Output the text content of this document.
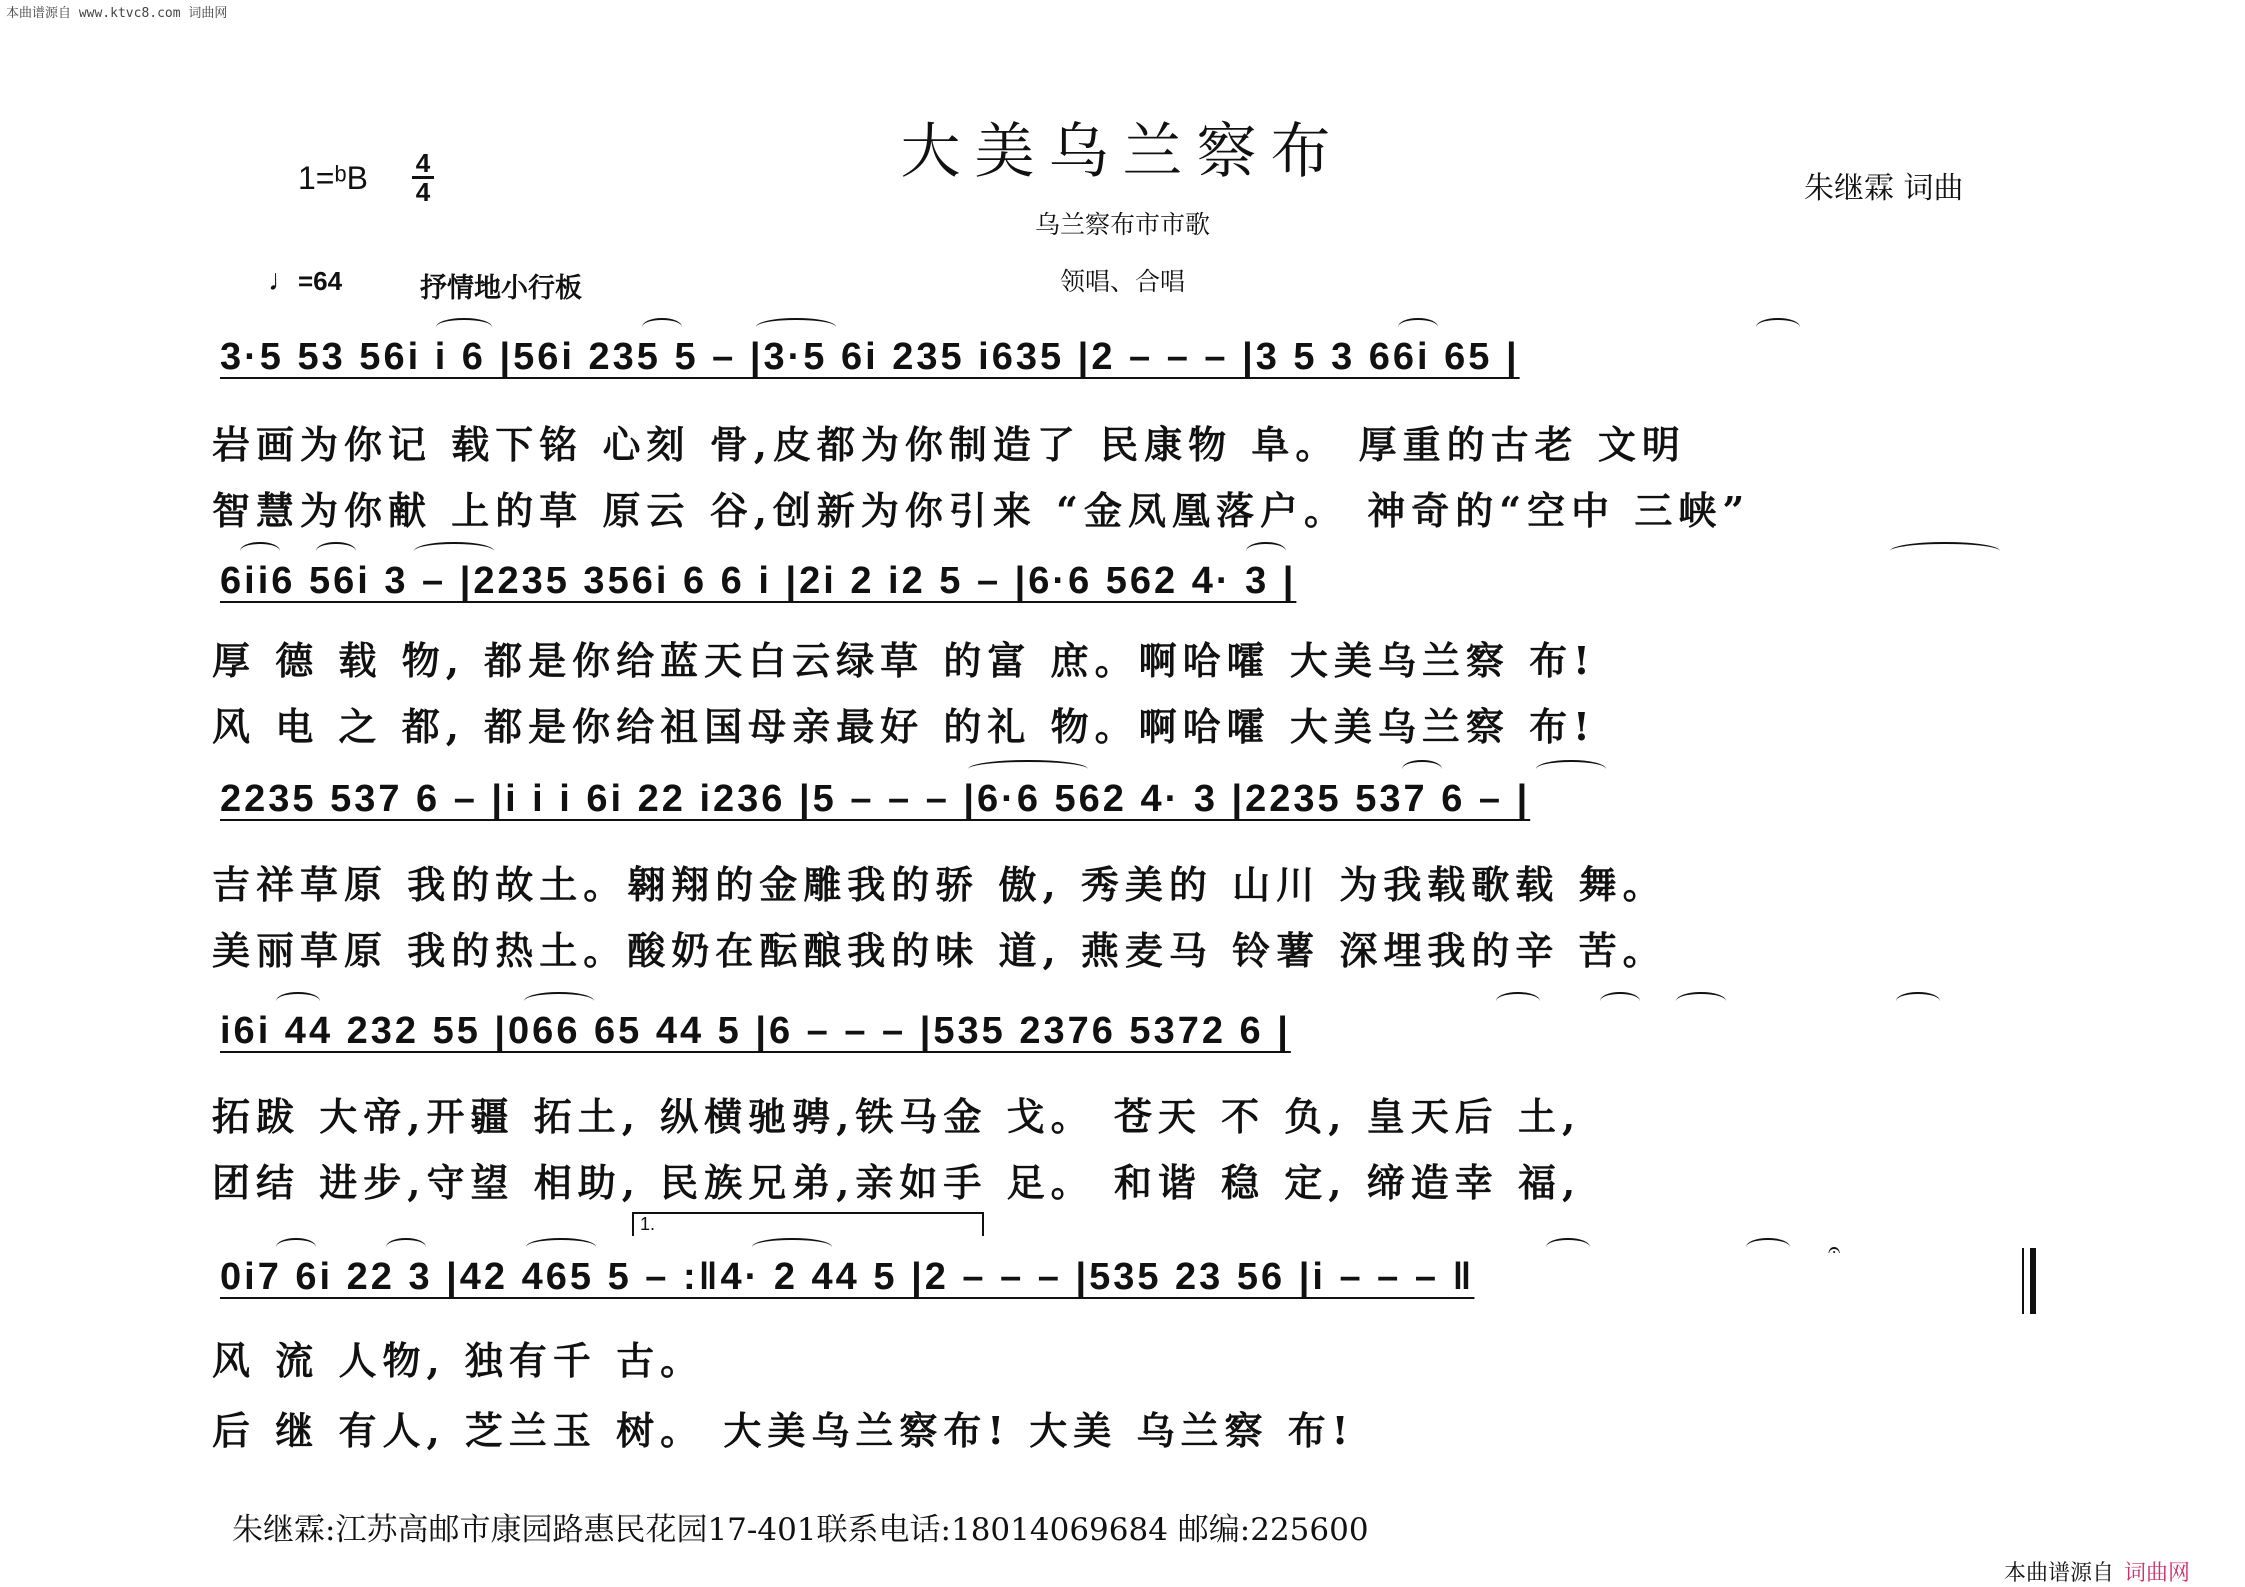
本曲谱源自 www.ktvc8.com 词曲网
大美乌兰察布
乌兰察布市市歌
领唱、合唱
朱继霖 词曲
1=ᵇB 4
4
♩=64	抒情地小行板
3·5 53 56i i 6 |56i 235 5 – |3·5 6i 235 i635 |2 – – – |3 5 3 66i 65 |
岩画为你记 载下铭 心刻 骨,皮都为你制造了 民康物 阜。 厚重的古老 文明
智慧为你献 上的草 原云 谷,创新为你引来 “金凤凰落户。 神奇的“空中 三峡”
6ii6 56i 3 – |2235 356i 6 6 i |2i 2 i2 5 – |6·6 562 4· 3 |
厚 德 载 物, 都是你给蓝天白云绿草 的富 庶。啊哈嚯 大美乌兰察 布!
风 电 之 都, 都是你给祖国母亲最好 的礼 物。啊哈嚯 大美乌兰察 布!
2235 537 6 – |i i i 6i 22 i236 |5 – – – |6·6 562 4· 3 |2235 537 6 – |
吉祥草原 我的故土。翱翔的金雕我的骄 傲, 秀美的 山川 为我载歌载 舞。
美丽草原 我的热土。酸奶在酝酿我的味 道, 燕麦马 铃薯 深埋我的辛 苦。
i6i 44 232 55 |066 65 44 5 |6 – – – |535 2376 5372 6 |
拓跋 大帝,开疆 拓土, 纵横驰骋,铁马金 戈。 苍天 不 负, 皇天后 土,
团结 进步,守望 相助, 民族兄弟,亲如手 足。 和谐 稳 定, 缔造幸 福,
1.
0i7 6i 22 3 |42 465 5 – :‖4· 2 44 5 |2 – – – |535 23 56 |i – – – ‖
风 流 人物, 独有千 古。
后 继 有人, 芝兰玉 树。 大美乌兰察布! 大美 乌兰察 布!
𝄐
朱继霖:江苏高邮市康园路惠民花园17-401联系电话:18014069684 邮编:225600
本曲谱源自 词曲网
